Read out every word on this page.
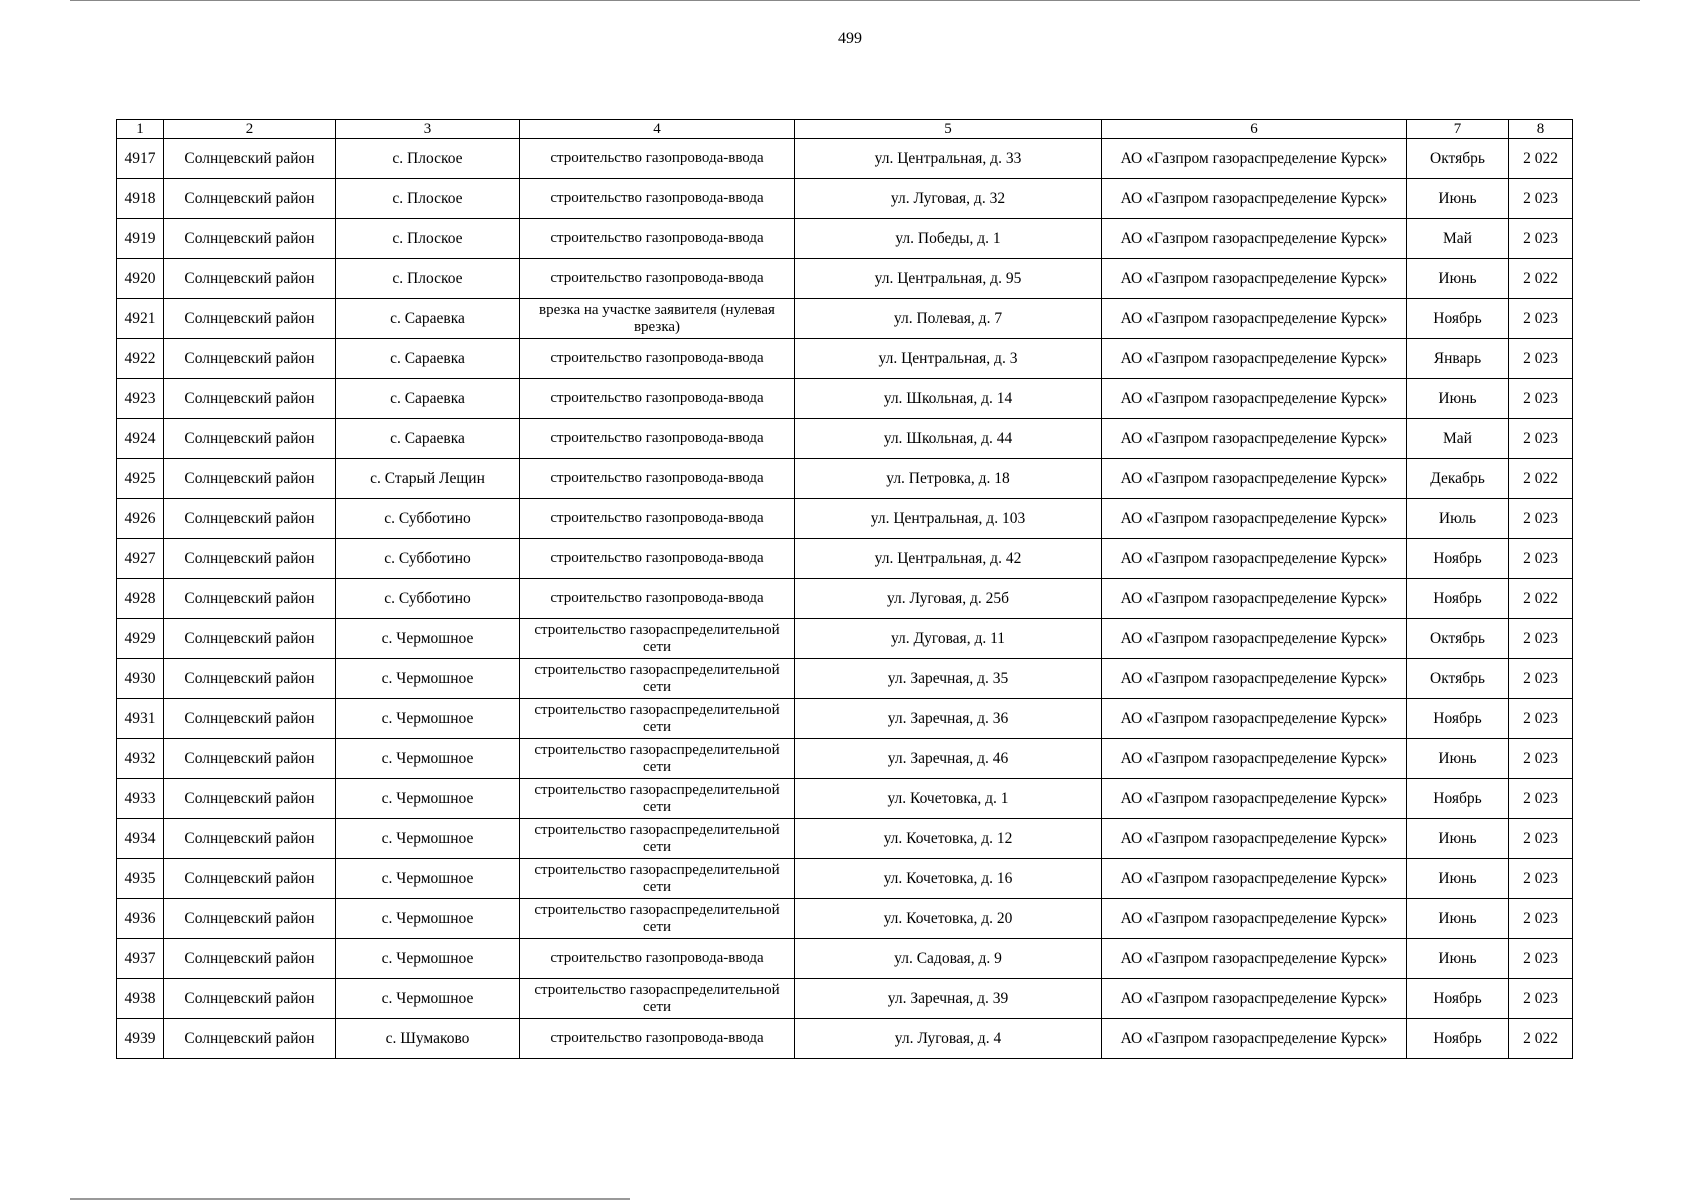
499
1	2	3	4	5	6	7	8
4917	Солнцевский район	с. Плоское	строительство газопровода-ввода	ул. Центральная, д. 33	АО «Газпром газораспределение Курск»	Октябрь	2 022
4918	Солнцевский район	с. Плоское	строительство газопровода-ввода	ул. Луговая, д. 32	АО «Газпром газораспределение Курск»	Июнь	2 023
4919	Солнцевский район	с. Плоское	строительство газопровода-ввода	ул. Победы, д. 1	АО «Газпром газораспределение Курск»	Май	2 023
4920	Солнцевский район	с. Плоское	строительство газопровода-ввода	ул. Центральная, д. 95	АО «Газпром газораспределение Курск»	Июнь	2 022
4921	Солнцевский район	с. Сараевка	врезка на участке заявителя (нулевая врезка)	ул. Полевая, д. 7	АО «Газпром газораспределение Курск»	Ноябрь	2 023
4922	Солнцевский район	с. Сараевка	строительство газопровода-ввода	ул. Центральная, д. 3	АО «Газпром газораспределение Курск»	Январь	2 023
4923	Солнцевский район	с. Сараевка	строительство газопровода-ввода	ул. Школьная, д. 14	АО «Газпром газораспределение Курск»	Июнь	2 023
4924	Солнцевский район	с. Сараевка	строительство газопровода-ввода	ул. Школьная, д. 44	АО «Газпром газораспределение Курск»	Май	2 023
4925	Солнцевский район	с. Старый Лещин	строительство газопровода-ввода	ул. Петровка, д. 18	АО «Газпром газораспределение Курск»	Декабрь	2 022
4926	Солнцевский район	с. Субботино	строительство газопровода-ввода	ул. Центральная, д. 103	АО «Газпром газораспределение Курск»	Июль	2 023
4927	Солнцевский район	с. Субботино	строительство газопровода-ввода	ул. Центральная, д. 42	АО «Газпром газораспределение Курск»	Ноябрь	2 023
4928	Солнцевский район	с. Субботино	строительство газопровода-ввода	ул. Луговая, д. 25б	АО «Газпром газораспределение Курск»	Ноябрь	2 022
4929	Солнцевский район	с. Чермошное	строительство газораспределительной сети	ул. Дуговая, д. 11	АО «Газпром газораспределение Курск»	Октябрь	2 023
4930	Солнцевский район	с. Чермошное	строительство газораспределительной сети	ул. Заречная, д. 35	АО «Газпром газораспределение Курск»	Октябрь	2 023
4931	Солнцевский район	с. Чермошное	строительство газораспределительной сети	ул. Заречная, д. 36	АО «Газпром газораспределение Курск»	Ноябрь	2 023
4932	Солнцевский район	с. Чермошное	строительство газораспределительной сети	ул. Заречная, д. 46	АО «Газпром газораспределение Курск»	Июнь	2 023
4933	Солнцевский район	с. Чермошное	строительство газораспределительной сети	ул. Кочетовка, д. 1	АО «Газпром газораспределение Курск»	Ноябрь	2 023
4934	Солнцевский район	с. Чермошное	строительство газораспределительной сети	ул. Кочетовка, д. 12	АО «Газпром газораспределение Курск»	Июнь	2 023
4935	Солнцевский район	с. Чермошное	строительство газораспределительной сети	ул. Кочетовка, д. 16	АО «Газпром газораспределение Курск»	Июнь	2 023
4936	Солнцевский район	с. Чермошное	строительство газораспределительной сети	ул. Кочетовка, д. 20	АО «Газпром газораспределение Курск»	Июнь	2 023
4937	Солнцевский район	с. Чермошное	строительство газопровода-ввода	ул. Садовая, д. 9	АО «Газпром газораспределение Курск»	Июнь	2 023
4938	Солнцевский район	с. Чермошное	строительство газораспределительной сети	ул. Заречная, д. 39	АО «Газпром газораспределение Курск»	Ноябрь	2 023
4939	Солнцевский район	с. Шумаково	строительство газопровода-ввода	ул. Луговая, д. 4	АО «Газпром газораспределение Курск»	Ноябрь	2 022
